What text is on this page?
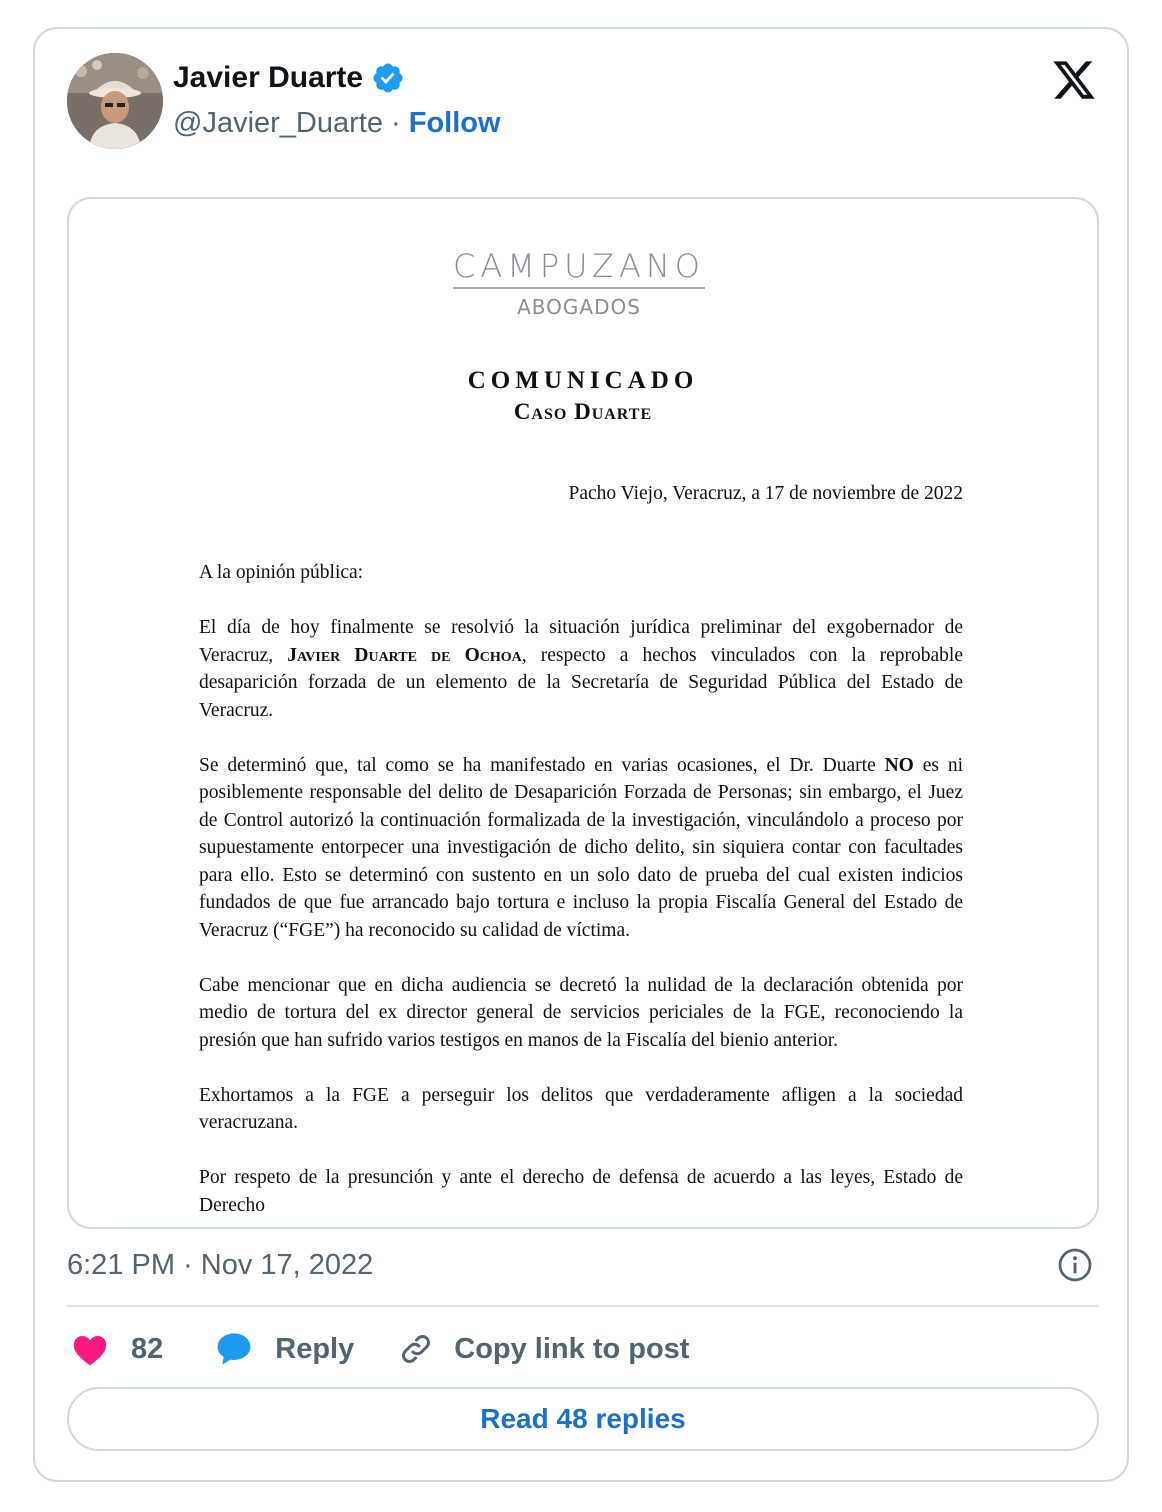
Javier Duarte
@Javier_Duarte · Follow
CAMPUZANO
ABOGADOS
COMUNICADO
Caso Duarte
Pacho Viejo, Veracruz, a 17 de noviembre de 2022

A la opinión pública:

El día de hoy finalmente se resolvió la situación jurídica preliminar del exgobernador de Veracruz, Javier Duarte de Ochoa, respecto a hechos vinculados con la reprobable desaparición forzada de un elemento de la Secretaría de Seguridad Pública del Estado de Veracruz.

Se determinó que, tal como se ha manifestado en varias ocasiones, el Dr. Duarte NO es ni posiblemente responsable del delito de Desaparición Forzada de Personas; sin embargo, el Juez de Control autorizó la continuación formalizada de la investigación, vinculándolo a proceso por supuestamente entorpecer una investigación de dicho delito, sin siquiera contar con facultades para ello. Esto se determinó con sustento en un solo dato de prueba del cual existen indicios fundados de que fue arrancado bajo tortura e incluso la propia Fiscalía General del Estado de Veracruz (“FGE”) ha reconocido su calidad de víctima.

Cabe mencionar que en dicha audiencia se decretó la nulidad de la declaración obtenida por medio de tortura del ex director general de servicios periciales de la FGE, reconociendo la presión que han sufrido varios testigos en manos de la Fiscalía del bienio anterior.

Exhortamos a la FGE a perseguir los delitos que verdaderamente afligen a la sociedad veracruzana.

Por respeto de la presunción y ante el derecho de defensa de acuerdo a las leyes, Estado de Derecho

6:21 PM · Nov 17, 2022
82	Reply	Copy link to post
Read 48 replies
